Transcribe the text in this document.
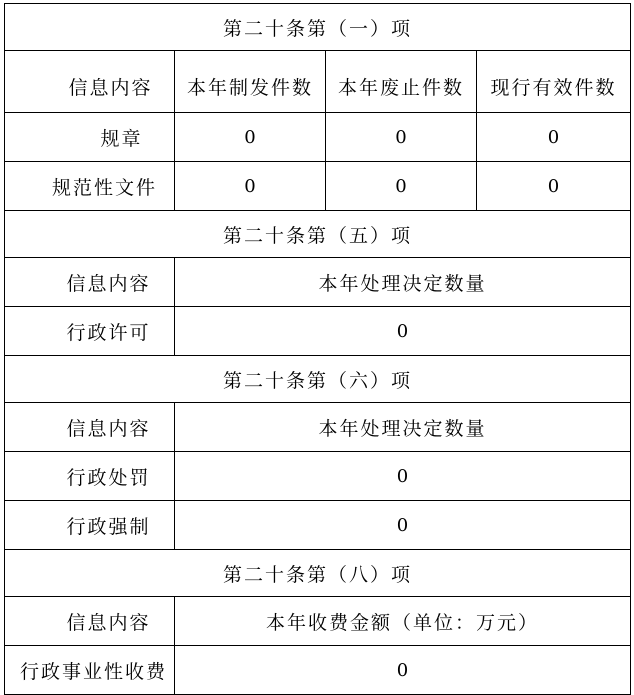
第二十条第（一）项			
信息内容	本年制发件数	本年废止件数	现行有效件数
规章	0	0	0
规范性文件	0	0	0
第二十条第（五）项			
信息内容	本年处理决定数量		
行政许可	0		
第二十条第（六）项			
信息内容	本年处理决定数量		
行政处罚	0		
行政强制	0		
第二十条第（八）项			
信息内容	本年收费金额（单位：万元）		
行政事业性收费	0		
